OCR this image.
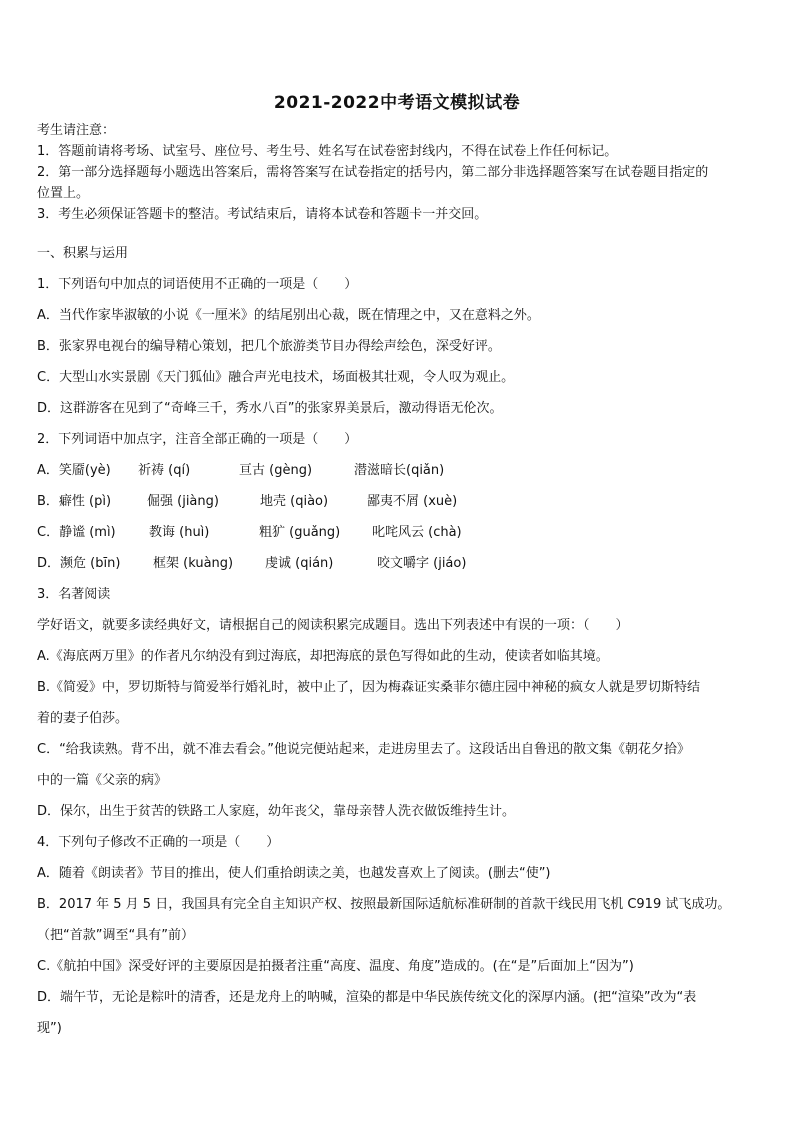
2021-2022中考语文模拟试卷

考生请注意：

1．答题前请将考场、试室号、座位号、考生号、姓名写在试卷密封线内，不得在试卷上作任何标记。

2．第一部分选择题每小题选出答案后，需将答案写在试卷指定的括号内，第二部分非选择题答案写在试卷题目指定的

位置上。

3．考生必须保证答题卡的整洁。考试结束后，请将本试卷和答题卡一并交回。

一、积累与运用

1．下列语句中加点的词语使用不正确的一项是（　　）

A．当代作家毕淑敏的小说《一厘米》的结尾别出心裁，既在情理之中，又在意料之外。

B．张家界电视台的编导精心策划，把几个旅游类节目办得绘声绘色，深受好评。

C．大型山水实景剧《天门狐仙》融合声光电技术，场面极其壮观，令人叹为观止。

D．这群游客在见到了“奇峰三千，秀水八百”的张家界美景后，激动得语无伦次。

2．下列词语中加点字，注音全部正确的一项是（　　）

A．笑靥(yè)	祈祷 (qí)	亘古 (gèng)	潜滋暗长(qiǎn)
B．癖性 (pì)	倔强 (jiàng)	地壳 (qiào)	鄙夷不屑 (xuè)
C．静谧 (mì)	教诲 (huì)	粗犷 (guǎng)	叱咤风云 (chà)
D．濒危 (bīn)	框架 (kuàng)	虔诚 (qián)	咬文嚼字 (jiáo)

3．名著阅读

学好语文，就要多读经典好文，请根据自己的阅读积累完成题目。选出下列表述中有误的一项：（　　）

A.《海底两万里》的作者凡尔纳没有到过海底，却把海底的景色写得如此的生动，使读者如临其境。

B.《简爱》中，罗切斯特与简爱举行婚礼时，被中止了，因为梅森证实桑菲尔德庄园中神秘的疯女人就是罗切斯特结

着的妻子伯莎。

C．“给我读熟。背不出，就不准去看会。”他说完便站起来，走进房里去了。这段话出自鲁迅的散文集《朝花夕拾》

中的一篇《父亲的病》

D．保尔，出生于贫苦的铁路工人家庭，幼年丧父，靠母亲替人洗衣做饭维持生计。

4．下列句子修改不正确的一项是（　　）

A．随着《朗读者》节目的推出，使人们重拾朗读之美，也越发喜欢上了阅读。(删去“使”)

B．2017 年 5 月 5 日，我国具有完全自主知识产权、按照最新国际适航标准研制的首款干线民用飞机 C919 试飞成功。

（把“首款”调至“具有”前）

C.《航拍中国》深受好评的主要原因是拍摄者注重“高度、温度、角度”造成的。(在“是”后面加上“因为”)

D．端午节，无论是粽叶的清香，还是龙舟上的呐喊，渲染的都是中华民族传统文化的深厚内涵。(把“渲染”改为“表

现”)
